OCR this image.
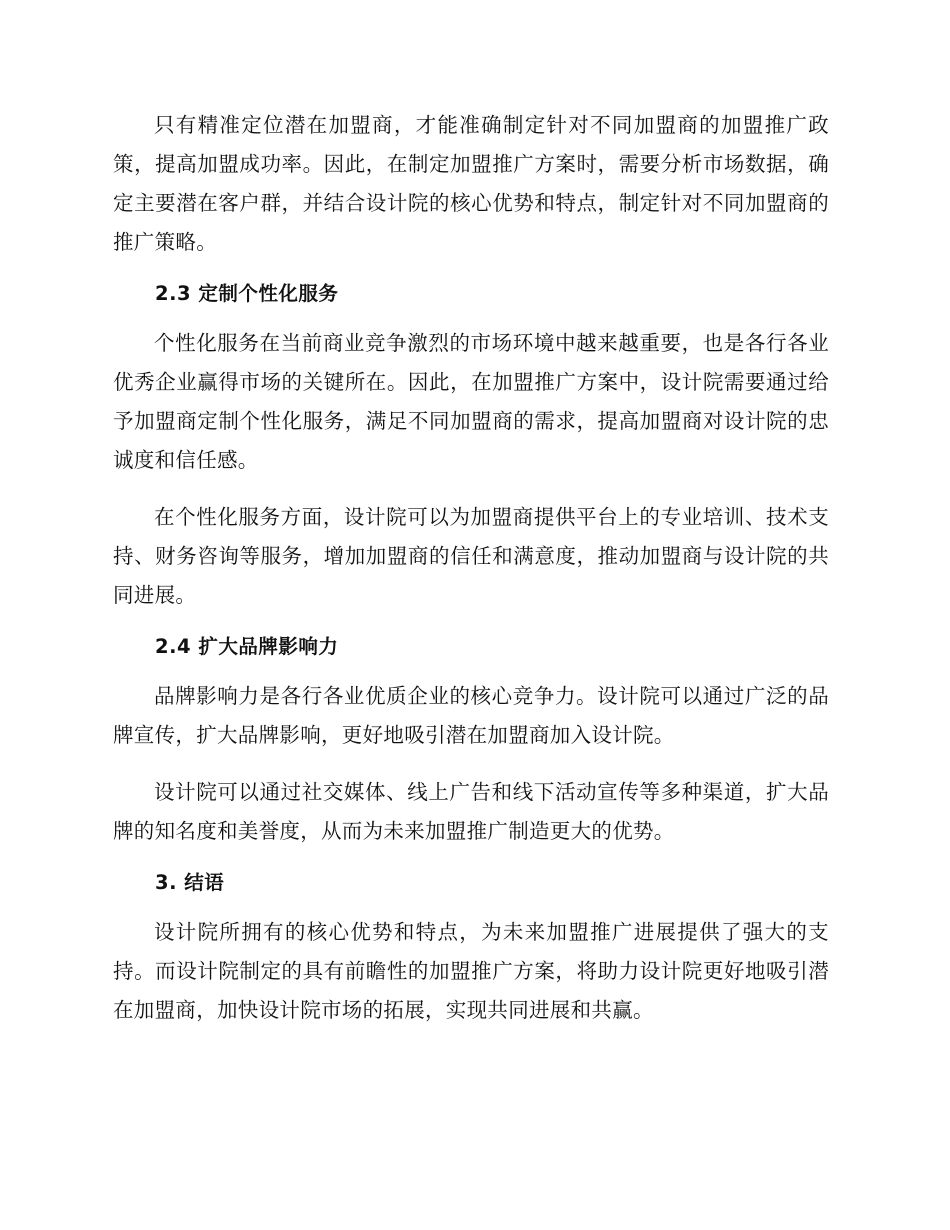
只有精准定位潜在加盟商，才能准确制定针对不同加盟商的加盟推广政策，提高加盟成功率。因此，在制定加盟推广方案时，需要分析市场数据，确定主要潜在客户群，并结合设计院的核心优势和特点，制定针对不同加盟商的推广策略。

2.3 定制个性化服务

个性化服务在当前商业竞争激烈的市场环境中越来越重要，也是各行各业优秀企业赢得市场的关键所在。因此，在加盟推广方案中，设计院需要通过给予加盟商定制个性化服务，满足不同加盟商的需求，提高加盟商对设计院的忠诚度和信任感。

在个性化服务方面，设计院可以为加盟商提供平台上的专业培训、技术支持、财务咨询等服务，增加加盟商的信任和满意度，推动加盟商与设计院的共同进展。

2.4 扩大品牌影响力

品牌影响力是各行各业优质企业的核心竞争力。设计院可以通过广泛的品牌宣传，扩大品牌影响，更好地吸引潜在加盟商加入设计院。

设计院可以通过社交媒体、线上广告和线下活动宣传等多种渠道，扩大品牌的知名度和美誉度，从而为未来加盟推广制造更大的优势。

3. 结语

设计院所拥有的核心优势和特点，为未来加盟推广进展提供了强大的支持。而设计院制定的具有前瞻性的加盟推广方案，将助力设计院更好地吸引潜在加盟商，加快设计院市场的拓展，实现共同进展和共赢。
